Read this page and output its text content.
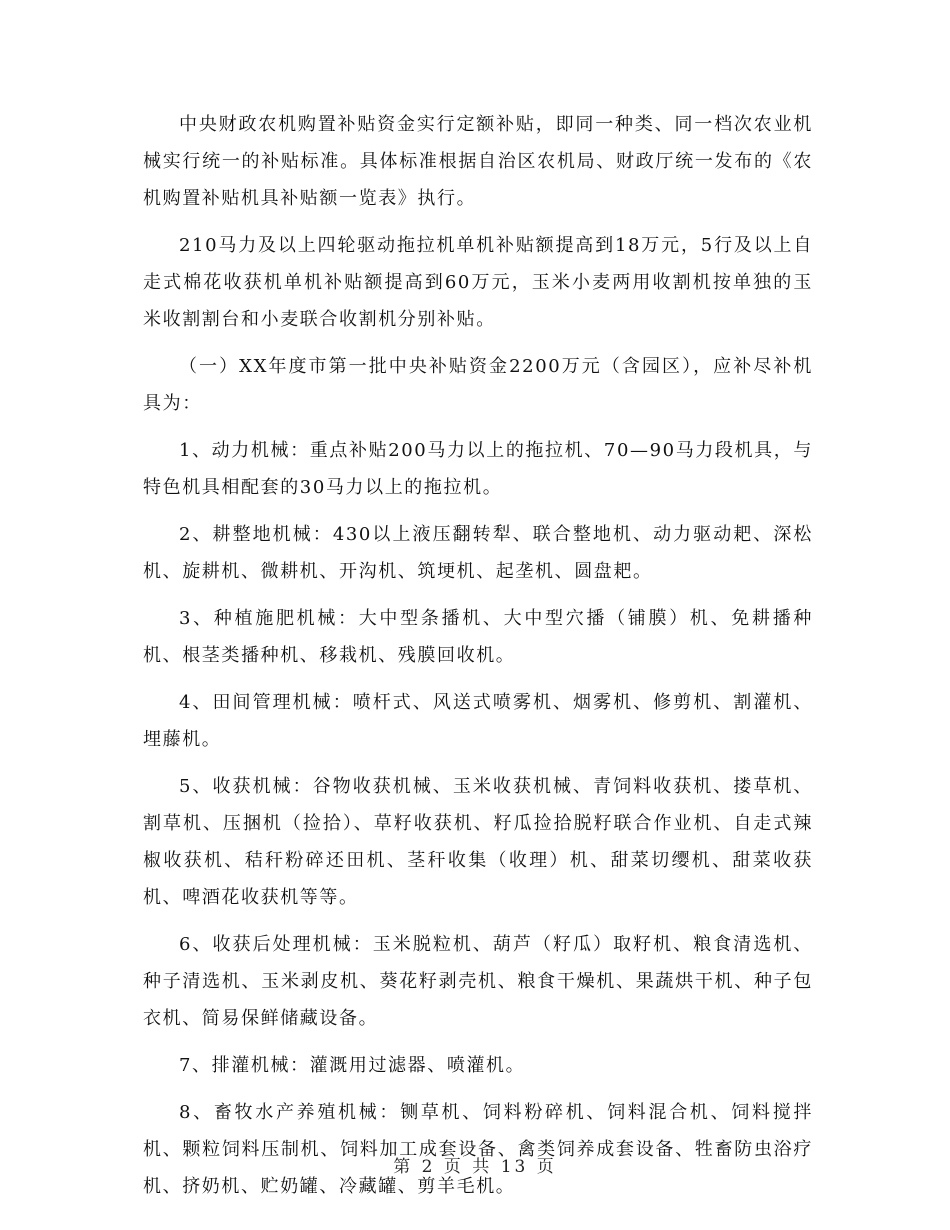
中央财政农机购置补贴资金实行定额补贴，即同一种类、同一档次农业机械实行统一的补贴标准。具体标准根据自治区农机局、财政厅统一发布的《农机购置补贴机具补贴额一览表》执行。

210马力及以上四轮驱动拖拉机单机补贴额提高到18万元，5行及以上自走式棉花收获机单机补贴额提高到60万元，玉米小麦两用收割机按单独的玉米收割割台和小麦联合收割机分别补贴。

（一）XX年度市第一批中央补贴资金2200万元（含园区），应补尽补机具为：

1、动力机械：重点补贴200马力以上的拖拉机、70—90马力段机具，与特色机具相配套的30马力以上的拖拉机。

2、耕整地机械：430以上液压翻转犁、联合整地机、动力驱动耙、深松机、旋耕机、微耕机、开沟机、筑埂机、起垄机、圆盘耙。

3、种植施肥机械：大中型条播机、大中型穴播（铺膜）机、免耕播种机、根茎类播种机、移栽机、残膜回收机。

4、田间管理机械：喷杆式、风送式喷雾机、烟雾机、修剪机、割灌机、埋藤机。

5、收获机械：谷物收获机械、玉米收获机械、青饲料收获机、搂草机、割草机、压捆机（捡拾）、草籽收获机、籽瓜捡拾脱籽联合作业机、自走式辣椒收获机、秸秆粉碎还田机、茎秆收集（收理）机、甜菜切缨机、甜菜收获机、啤酒花收获机等等。

6、收获后处理机械：玉米脱粒机、葫芦（籽瓜）取籽机、粮食清选机、种子清选机、玉米剥皮机、葵花籽剥壳机、粮食干燥机、果蔬烘干机、种子包衣机、简易保鲜储藏设备。

7、排灌机械：灌溉用过滤器、喷灌机。

8、畜牧水产养殖机械：铡草机、饲料粉碎机、饲料混合机、饲料搅拌机、颗粒饲料压制机、饲料加工成套设备、禽类饲养成套设备、牲畜防虫浴疗机、挤奶机、贮奶罐、冷藏罐、剪羊毛机。

第 2 页 共 13 页
